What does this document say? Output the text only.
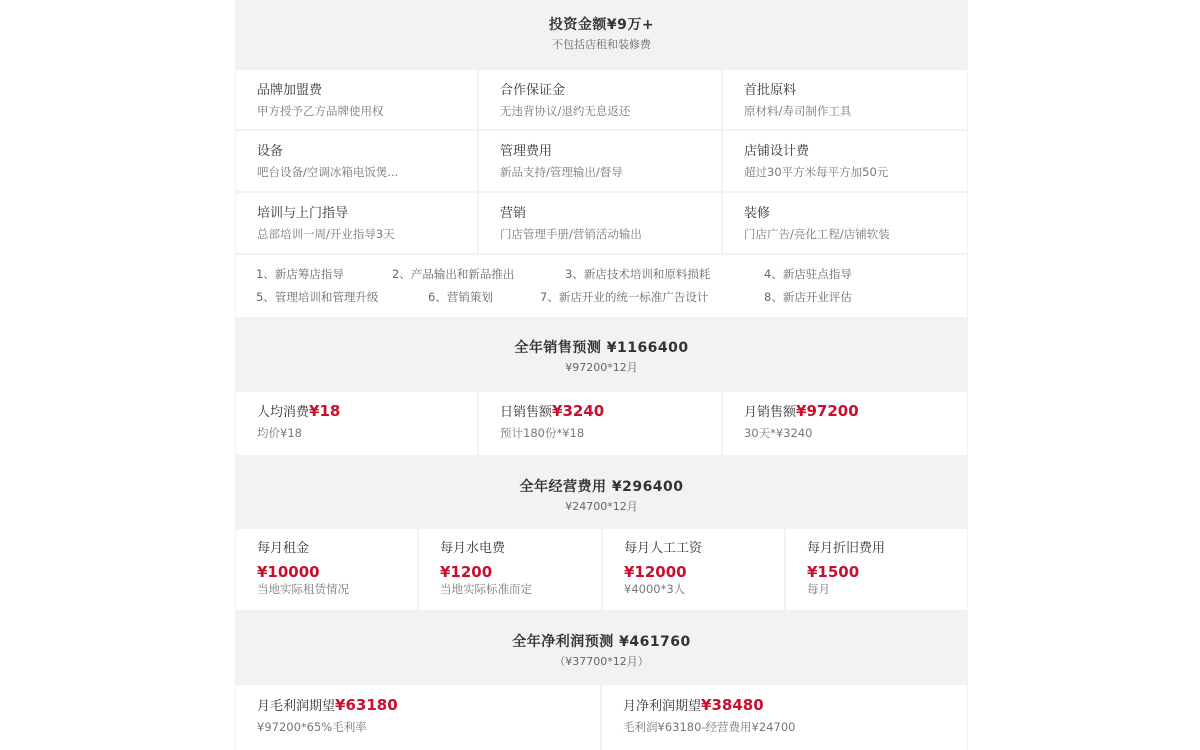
投资金额¥9万+
不包括店租和装修费
品牌加盟费
甲方授予乙方品牌使用权
合作保证金
无违背协议/退约无息返还
首批原料
原材料/寿司制作工具
设备
吧台设备/空调冰箱电饭煲...
管理费用
新品支持/管理输出/督导
店铺设计费
超过30平方米每平方加50元
培训与上门指导
总部培训一周/开业指导3天
营销
门店管理手册/营销活动输出
装修
门店广告/亮化工程/店铺软装
1、新店筹店指导	2、产品输出和新品推出	3、新店技术培训和原料损耗	4、新店驻点指导
5、管理培训和管理升级	6、营销策划	7、新店开业的统一标准广告设计	8、新店开业评估
全年销售预测 ¥1166400
¥97200*12月
人均消费¥18
均价¥18
日销售额¥3240
预计180份*¥18
月销售额¥97200
30天*¥3240
全年经营费用 ¥296400
¥24700*12月
每月租金
¥10000
当地实际租赁情况
每月水电费
¥1200
当地实际标准而定
每月人工工资
¥12000
¥4000*3人
每月折旧费用
¥1500
每月
全年净利润预测 ¥461760
（¥37700*12月）
月毛利润期望¥63180
¥97200*65%毛利率
月净利润期望¥38480
毛利润¥63180-经营费用¥24700
